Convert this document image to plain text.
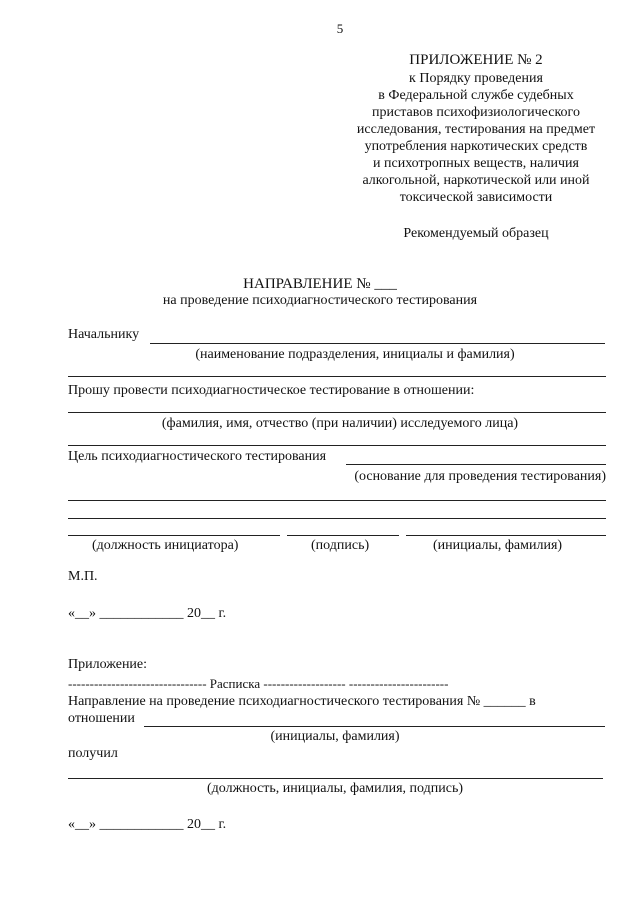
5
ПРИЛОЖЕНИЕ № 2
к Порядку проведения
в Федеральной службе судебных
приставов психофизиологического
исследования, тестирования на предмет
употребления наркотических средств
и психотропных веществ, наличия
алкогольной, наркотической или иной
токсической зависимости
Рекомендуемый образец
НАПРАВЛЕНИЕ № ___
на проведение психодиагностического тестирования
Начальнику
(наименование подразделения, инициалы и фамилия)
Прошу провести психодиагностическое тестирование в отношении:
(фамилия, имя, отчество (при наличии) исследуемого лица)
Цель психодиагностического тестирования
(основание для проведения тестирования)
(должность инициатора)	(подпись)	(инициалы, фамилия)
М.П.
«__» ____________ 20__ г.
Приложение:
-------------------------------- Расписка ------------------- -----------------------
Направление на проведение психодиагностического тестирования № ______ в
отношении
(инициалы, фамилия)
получил
(должность, инициалы, фамилия, подпись)
«__» ____________ 20__ г.
